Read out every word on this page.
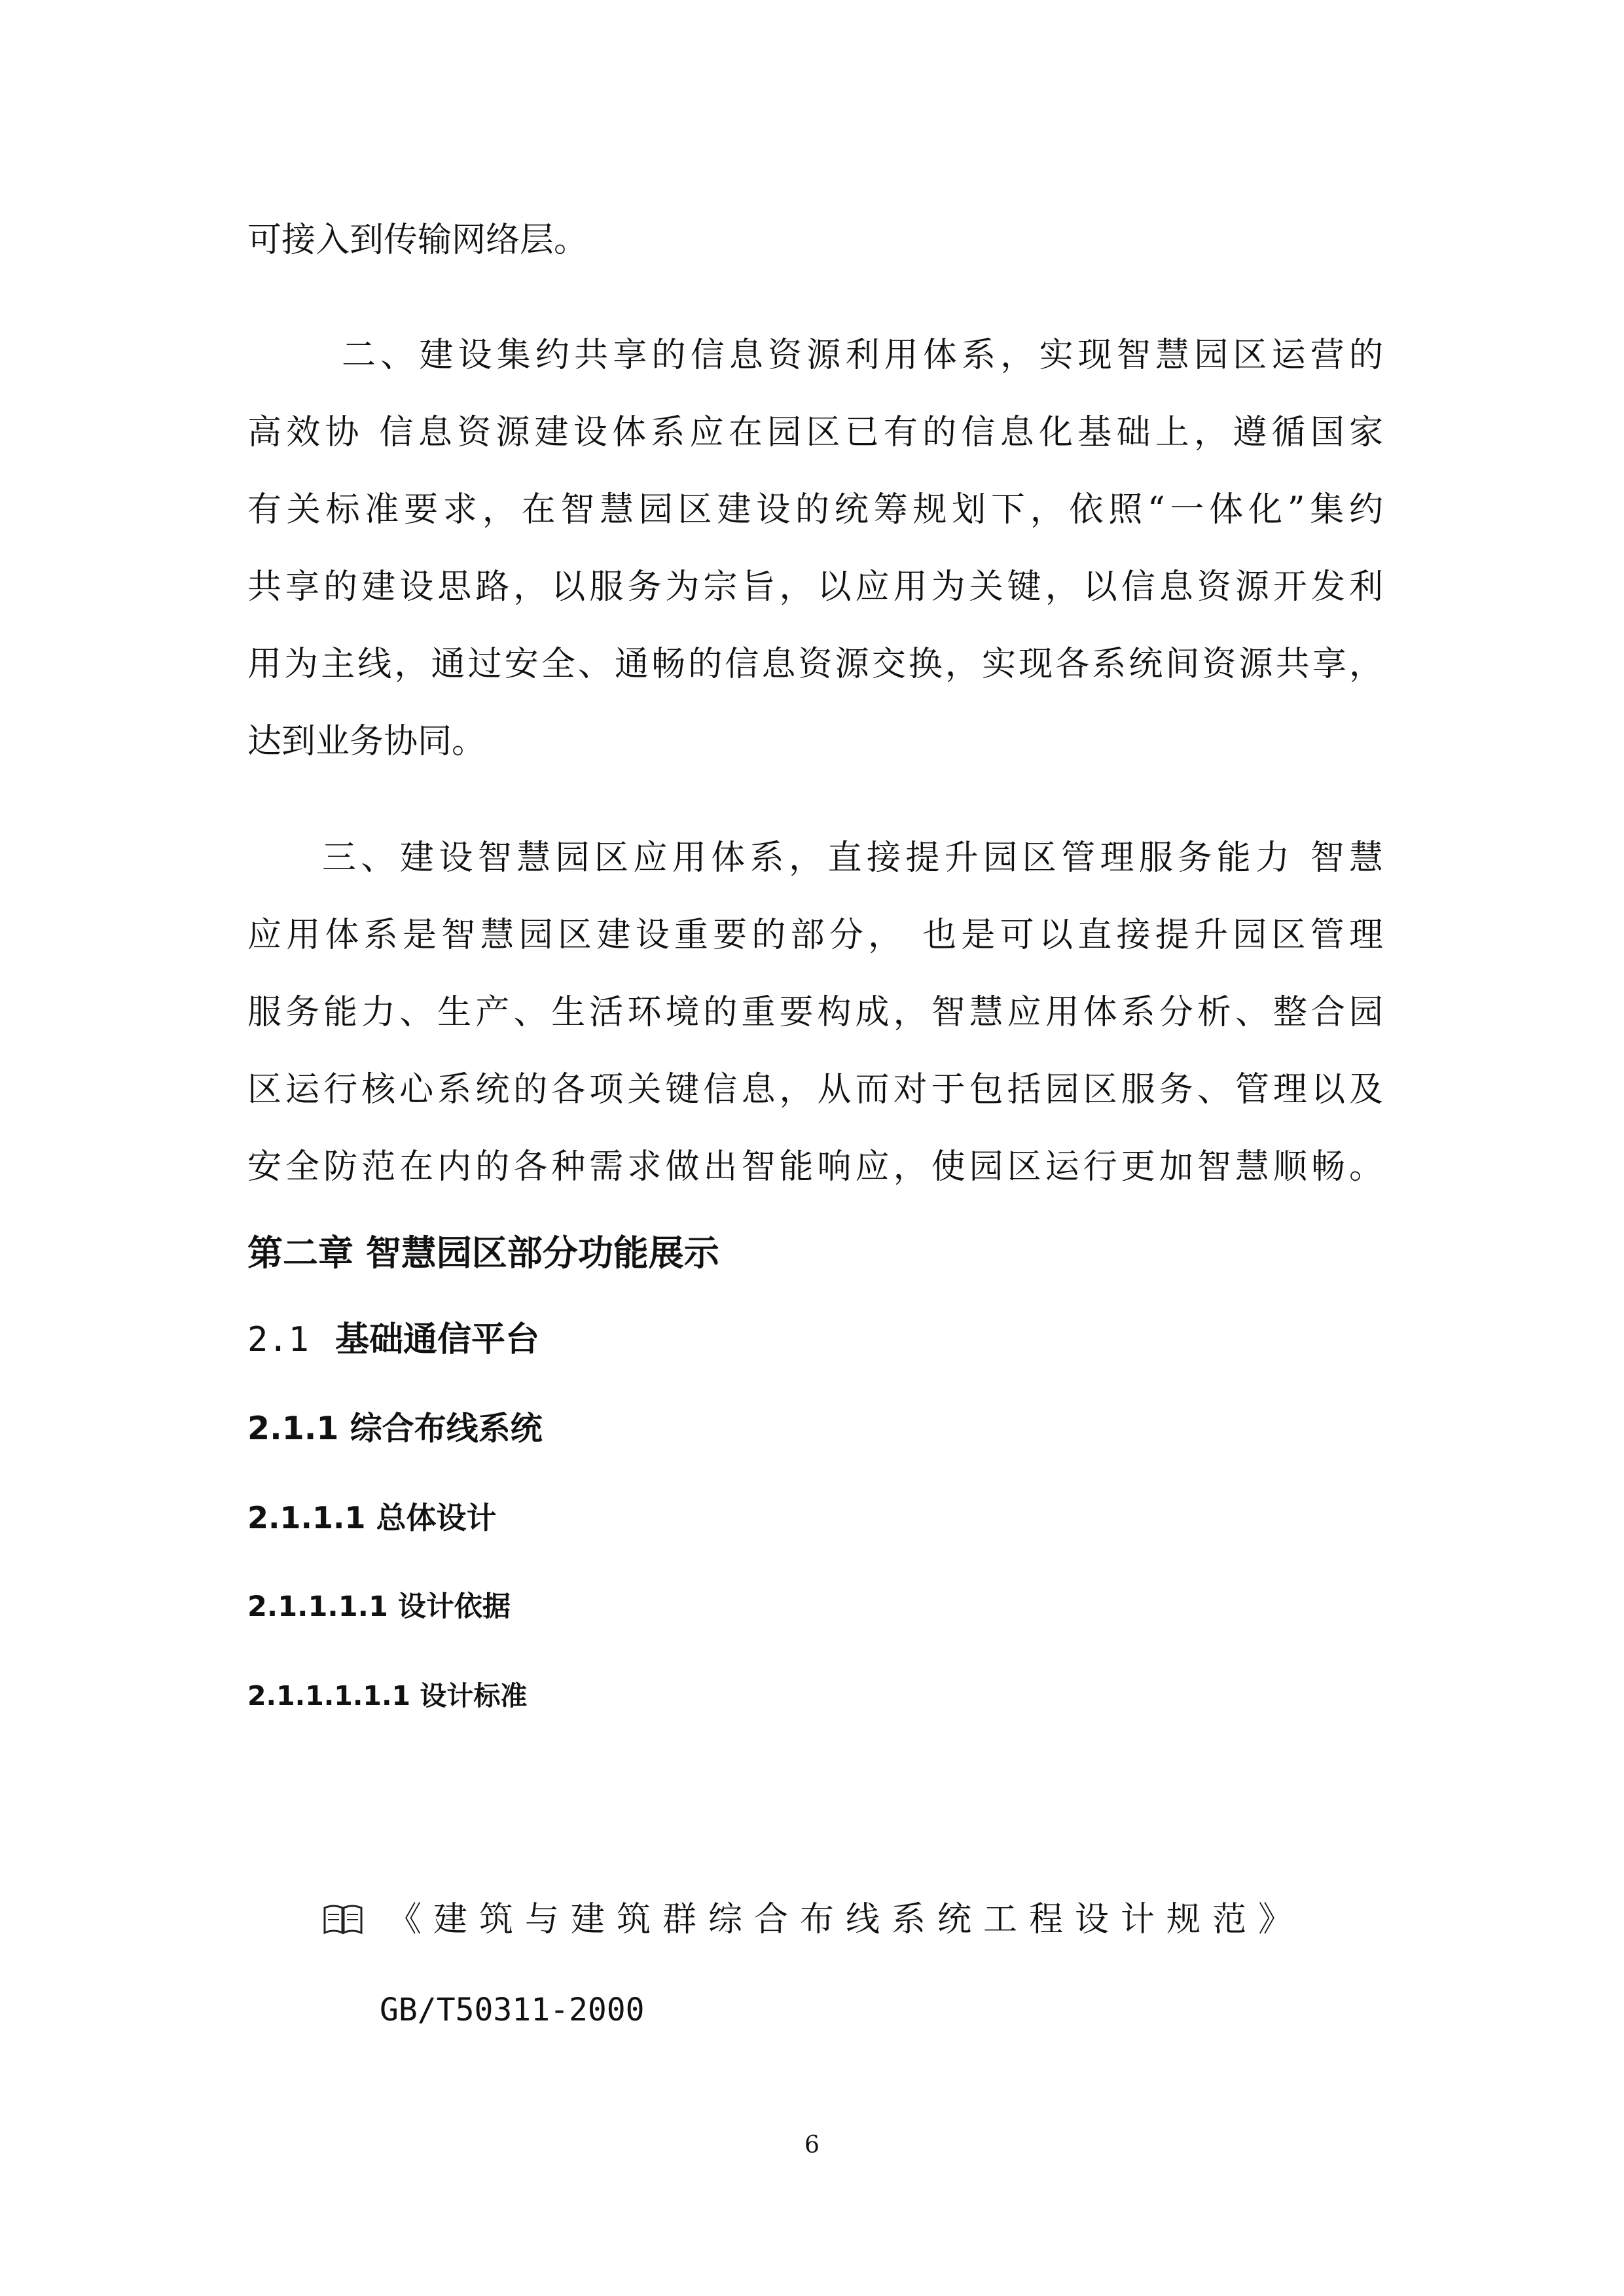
可接入到传输网络层。
二、建设集约共享的信息资源利用体系，实现智慧园区运营的
高效协 信息资源建设体系应在园区已有的信息化基础上，遵循国家
有关标准要求，在智慧园区建设的统筹规划下，依照“一体化”集约
共享的建设思路，以服务为宗旨，以应用为关键，以信息资源开发利
用为主线，通过安全、通畅的信息资源交换，实现各系统间资源共享，
达到业务协同。
三、建设智慧园区应用体系，直接提升园区管理服务能力 智慧
应用体系是智慧园区建设重要的部分， 也是可以直接提升园区管理
服务能力、生产、生活环境的重要构成，智慧应用体系分析、整合园
区运行核心系统的各项关键信息，从而对于包括园区服务、管理以及
安全防范在内的各种需求做出智能响应，使园区运行更加智慧顺畅。
第二章 智慧园区部分功能展示
2.1 基础通信平台
2.1.1 综合布线系统
2.1.1.1 总体设计
2.1.1.1.1 设计依据
2.1.1.1.1.1 设计标准
《建筑与建筑群综合布线系统工程设计规范》
GB/T50311-2000
6
